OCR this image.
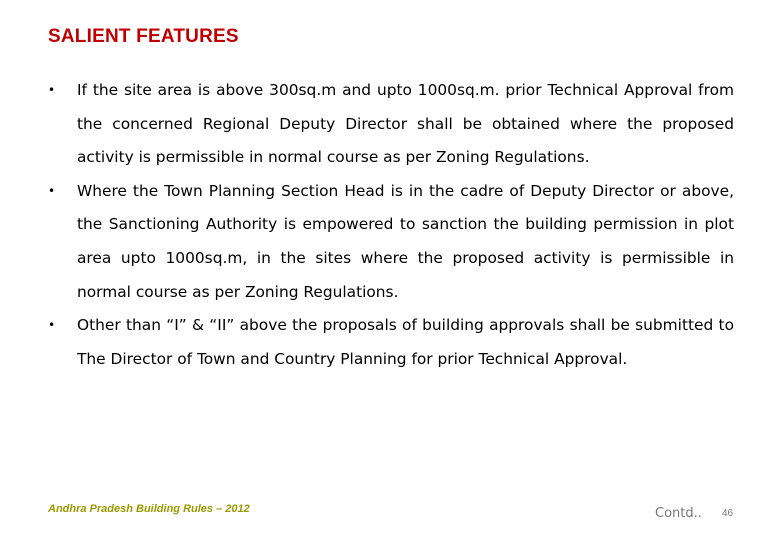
SALIENT FEATURES
• If the site area is above 300sq.m and upto 1000sq.m. prior Technical Approval from the concerned Regional Deputy Director shall be obtained where the proposed activity is permissible in normal course as per Zoning Regulations.
• Where the Town Planning Section Head is in the cadre of Deputy Director or above, the Sanctioning Authority is empowered to sanction the building permission in plot area upto 1000sq.m, in the sites where the proposed activity is permissible in normal course as per Zoning Regulations.
• Other than “I” & “II” above the proposals of building approvals shall be submitted to The Director of Town and Country Planning for prior Technical Approval.
Andhra Pradesh Building Rules – 2012	Contd.. 46
